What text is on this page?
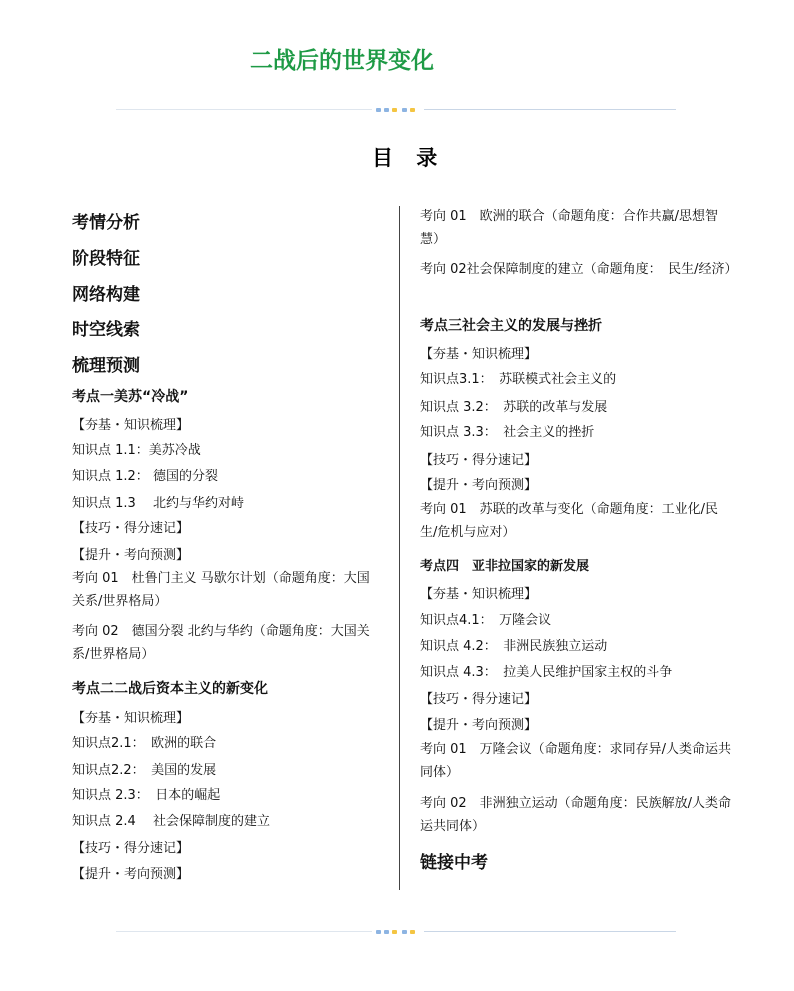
二战后的世界变化
目 录
考情分析
阶段特征
网络构建
时空线索
梳理预测
考点一美苏“冷战”
【夯基・知识梳理】
知识点 1.1：美苏冷战
知识点 1.2： 德国的分裂
知识点 1.3 　北约与华约对峙
【技巧・得分速记】
【提升・考向预测】
考向 01　杜鲁门主义 马歇尔计划（命题角度：大国关系/世界格局）
考向 02　德国分裂 北约与华约（命题角度：大国关系/世界格局）
考点二二战后资本主义的新变化
【夯基・知识梳理】
知识点2.1：　欧洲的联合
知识点2.2：　美国的发展
知识点 2.3：　日本的崛起
知识点 2.4 　社会保障制度的建立
【技巧・得分速记】
【提升・考向预测】
考向 01　欧洲的联合（命题角度：合作共赢/思想智慧）
考向 02社会保障制度的建立（命题角度：　民生/经济）
考点三社会主义的发展与挫折
【夯基・知识梳理】
知识点3.1：　苏联模式社会主义的
知识点 3.2：　苏联的改革与发展
知识点 3.3：　社会主义的挫折
【技巧・得分速记】
【提升・考向预测】
考向 01　苏联的改革与变化（命题角度：工业化/民生/危机与应对）
考点四　亚非拉国家的新发展
【夯基・知识梳理】
知识点4.1：　万隆会议
知识点 4.2：　非洲民族独立运动
知识点 4.3：　拉美人民维护国家主权的斗争
【技巧・得分速记】
【提升・考向预测】
考向 01　万隆会议（命题角度：求同存异/人类命运共同体）
考向 02　非洲独立运动（命题角度：民族解放/人类命运共同体）
链接中考
